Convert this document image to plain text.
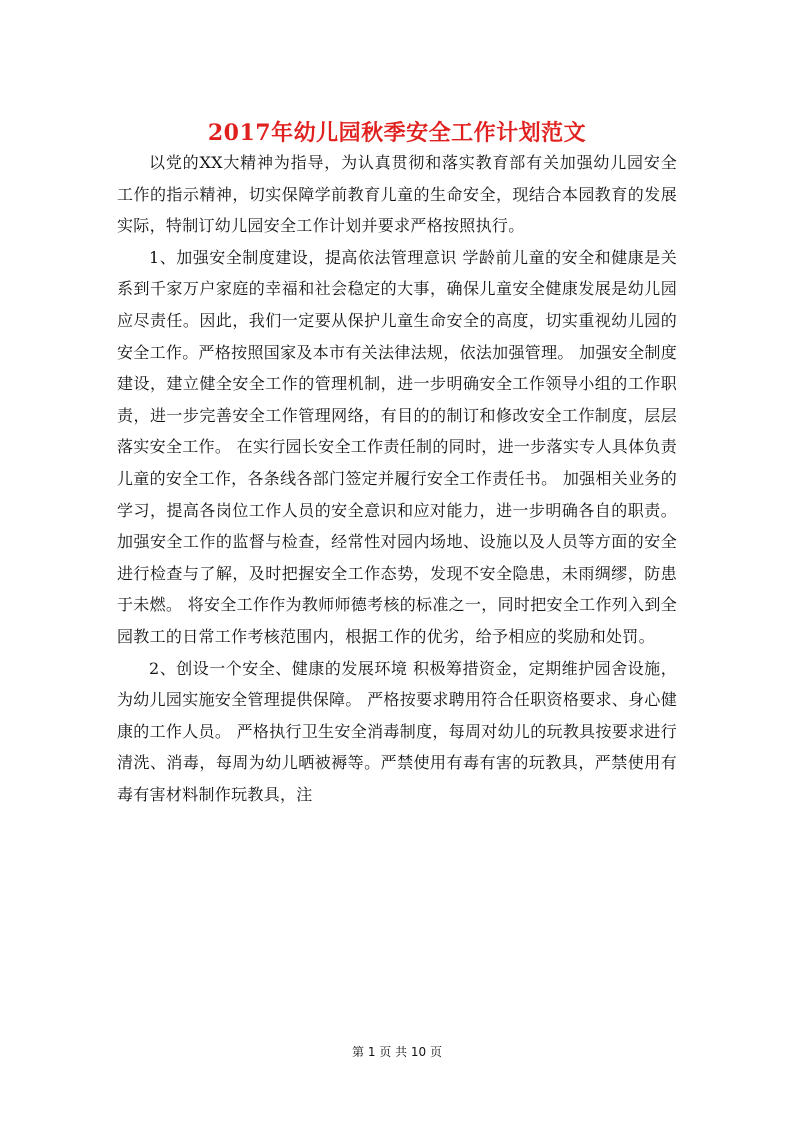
2017年幼儿园秋季安全工作计划范文

以党的XX大精神为指导，为认真贯彻和落实教育部有关加强幼儿园安全工作的指示精神，切实保障学前教育儿童的生命安全，现结合本园教育的发展实际，特制订幼儿园安全工作计划并要求严格按照执行。

1、加强安全制度建设，提高依法管理意识 学龄前儿童的安全和健康是关系到千家万户家庭的幸福和社会稳定的大事，确保儿童安全健康发展是幼儿园应尽责任。因此，我们一定要从保护儿童生命安全的高度，切实重视幼儿园的安全工作。严格按照国家及本市有关法律法规，依法加强管理。 加强安全制度建设，建立健全安全工作的管理机制，进一步明确安全工作领导小组的工作职责，进一步完善安全工作管理网络，有目的的制订和修改安全工作制度，层层落实安全工作。 在实行园长安全工作责任制的同时，进一步落实专人具体负责儿童的安全工作，各条线各部门签定并履行安全工作责任书。 加强相关业务的学习，提高各岗位工作人员的安全意识和应对能力，进一步明确各自的职责。 加强安全工作的监督与检查，经常性对园内场地、设施以及人员等方面的安全进行检查与了解，及时把握安全工作态势，发现不安全隐患，未雨绸缪，防患于未燃。 将安全工作作为教师师德考核的标准之一，同时把安全工作列入到全园教工的日常工作考核范围内，根据工作的优劣，给予相应的奖励和处罚。

2、创设一个安全、健康的发展环境 积极筹措资金，定期维护园舍设施，为幼儿园实施安全管理提供保障。 严格按要求聘用符合任职资格要求、身心健康的工作人员。 严格执行卫生安全消毒制度，每周对幼儿的玩教具按要求进行清洗、消毒，每周为幼儿晒被褥等。严禁使用有毒有害的玩教具，严禁使用有毒有害材料制作玩教具，注

第 1 页 共 10 页
